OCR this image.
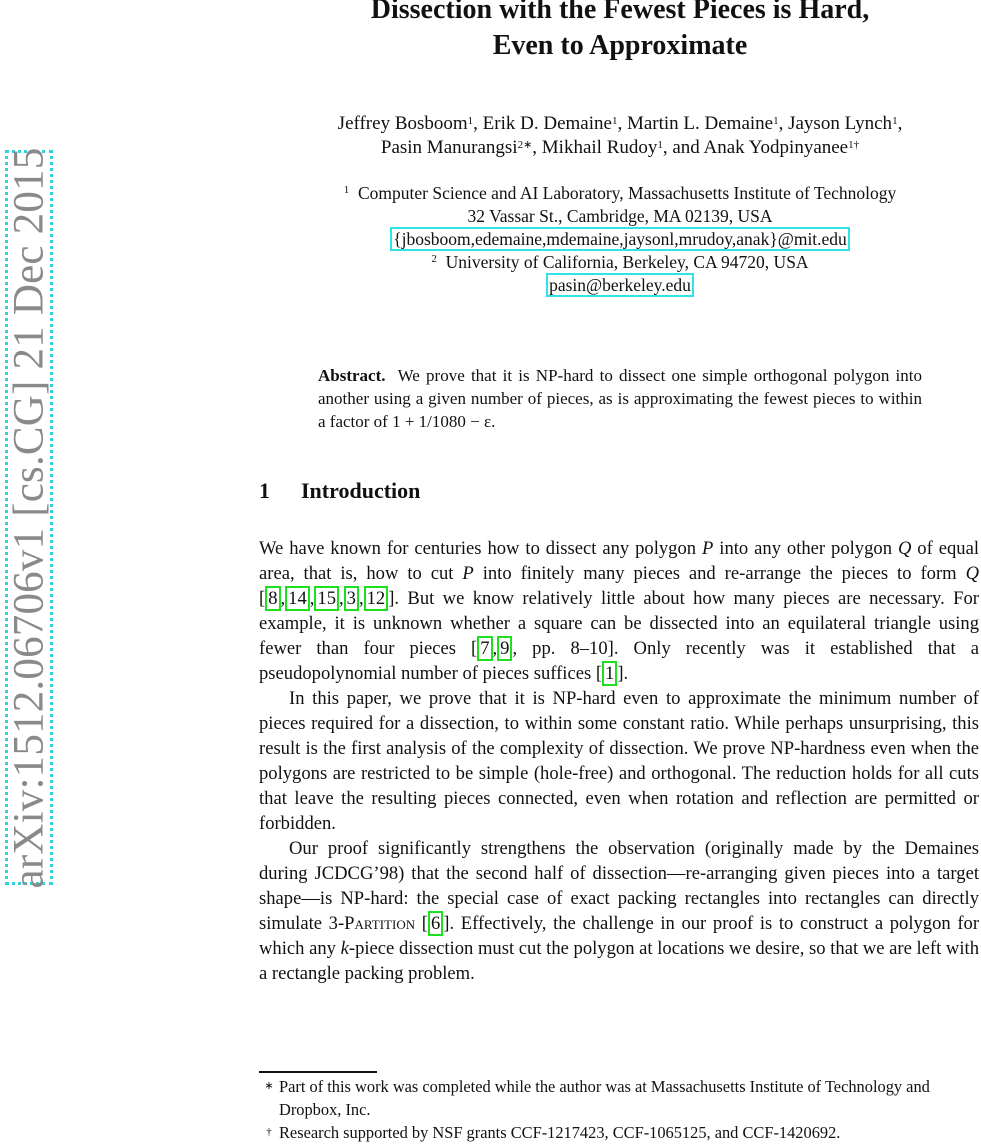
arXiv:1512.06706v1 [cs.CG] 21 Dec 2015
Dissection with the Fewest Pieces is Hard,
Even to Approximate
Jeffrey Bosboom$^1$, Erik D. Demaine$^1$, Martin L. Demaine$^1$, Jayson Lynch$^1$,
Pasin Manurangsi$^{2∗}$, Mikhail Rudoy$^1$, and Anak Yodpinyanee$^{1\dagger}$
$^1$ Computer Science and AI Laboratory, Massachusetts Institute of Technology
32 Vassar St., Cambridge, MA 02139, USA
{jbosboom,edemaine,mdemaine,jaysonl,mrudoy,anak}@mit.edu
$^2$ University of California, Berkeley, CA 94720, USA
pasin@berkeley.edu
Abstract. We prove that it is NP-hard to dissect one simple orthogonal polygon into another using a given number of pieces, as is approximating the fewest pieces to within a factor of 1 + 1/1080 − ε.
1 Introduction

We have known for centuries how to dissect any polygon P into any other polygon Q of equal area, that is, how to cut P into finitely many pieces and re-arrange the pieces to form Q [ 8 , 14 , 15 , 3 , 12 ]. But we know relatively little about how many pieces are necessary. For example, it is unknown whether a square can be dissected into an equilateral triangle using fewer than four pieces [ 7 , 9 , pp. 8–10]. Only recently was it established that a pseudopolynomial number of pieces suffices [ 1 ].

In this paper, we prove that it is NP-hard even to approximate the minimum number of pieces required for a dissection, to within some constant ratio. While perhaps unsurprising, this result is the first analysis of the complexity of dissection. We prove NP-hardness even when the polygons are restricted to be simple (hole-free) and orthogonal. The reduction holds for all cuts that leave the resulting pieces connected, even when rotation and reflection are permitted or forbidden.

Our proof significantly strengthens the observation (originally made by the Demaines during JCDCG’98) that the second half of dissection—re-arranging given pieces into a target shape—is NP-hard: the special case of exact packing rectangles into rectangles can directly simulate 3-Partition [ 6 ]. Effectively, the challenge in our proof is to construct a polygon for which any k-piece dissection must cut the polygon at locations we desire, so that we are left with a rectangle packing problem.

∗ Part of this work was completed while the author was at Massachusetts Institute of Technology and Dropbox, Inc.
† Research supported by NSF grants CCF-1217423, CCF-1065125, and CCF-1420692.
